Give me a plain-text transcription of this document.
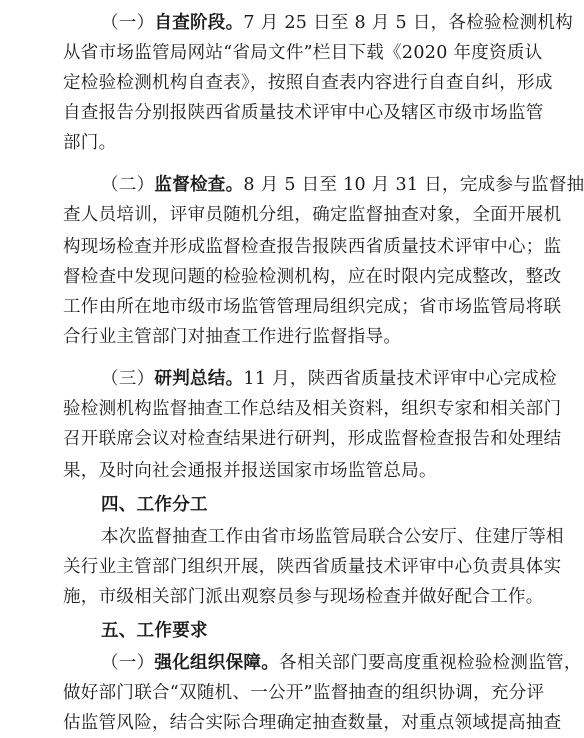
（一）自查阶段。7 月 25 日至 8 月 5 日，各检验检测机构
从省市场监管局网站“省局文件”栏目下载《2020 年度资质认
定检验检测机构自查表》，按照自查表内容进行自查自纠，形成
自查报告分别报陕西省质量技术评审中心及辖区市级市场监管
部门。
（二）监督检查。8 月 5 日至 10 月 31 日，完成参与监督抽
查人员培训，评审员随机分组，确定监督抽查对象，全面开展机
构现场检查并形成监督检查报告报陕西省质量技术评审中心；监
督检查中发现问题的检验检测机构，应在时限内完成整改，整改
工作由所在地市级市场监管管理局组织完成；省市场监管局将联
合行业主管部门对抽查工作进行监督指导。
（三）研判总结。11 月，陕西省质量技术评审中心完成检
验检测机构监督抽查工作总结及相关资料，组织专家和相关部门
召开联席会议对检查结果进行研判，形成监督检查报告和处理结
果，及时向社会通报并报送国家市场监管总局。
四、工作分工
本次监督抽查工作由省市场监管局联合公安厅、住建厅等相
关行业主管部门组织开展，陕西省质量技术评审中心负责具体实
施，市级相关部门派出观察员参与现场检查并做好配合工作。
五、工作要求
（一）强化组织保障。各相关部门要高度重视检验检测监管，
做好部门联合“双随机、一公开”监督抽查的组织协调，充分评
估监管风险，结合实际合理确定抽查数量，对重点领域提高抽查
